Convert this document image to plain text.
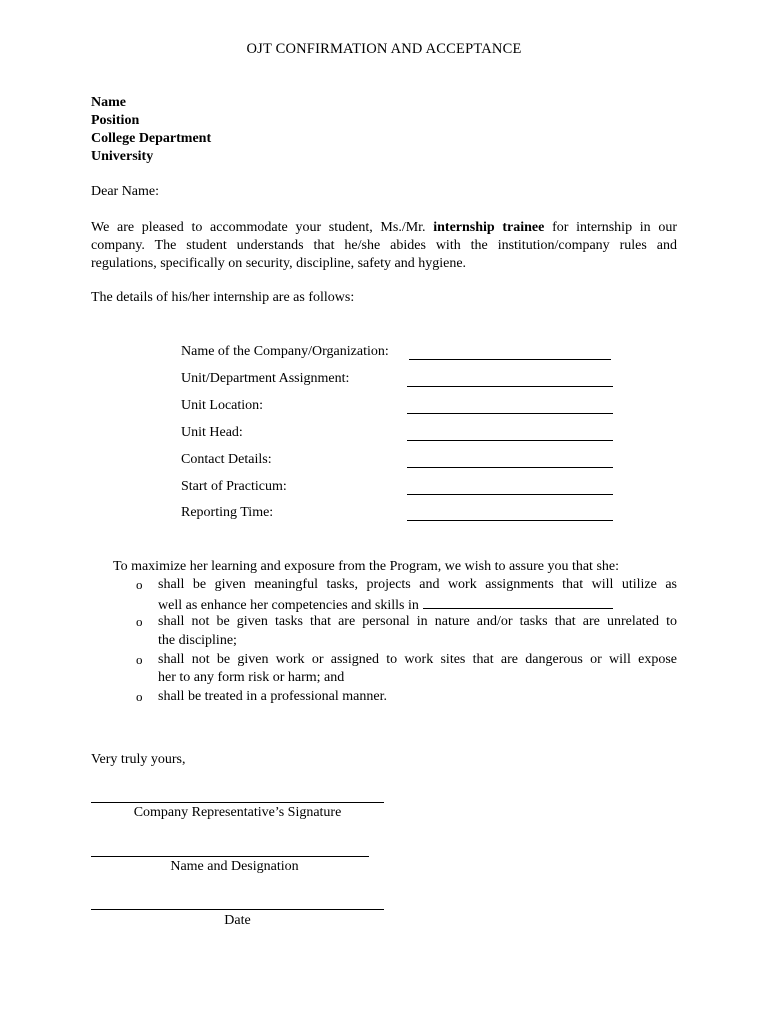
OJT CONFIRMATION AND ACCEPTANCE
Name
Position
College Department
University
Dear Name:
We are pleased to accommodate your student, Ms./Mr. internship trainee for internship in our
company. The student understands that he/she abides with the institution/company rules and
regulations, specifically on security, discipline, safety and hygiene.
The details of his/her internship are as follows:
Name of the Company/Organization:
Unit/Department Assignment:
Unit Location:
Unit Head:
Contact Details:
Start of Practicum:
Reporting Time:
To maximize her learning and exposure from the Program, we wish to assure you that she:
o shall be given meaningful tasks, projects and work assignments that will utilize as
well as enhance her competencies and skills in
o shall not be given tasks that are personal in nature and/or tasks that are unrelated to
the discipline;
o shall not be given work or assigned to work sites that are dangerous or will expose
her to any form risk or harm; and
o shall be treated in a professional manner.
Very truly yours,
Company Representative’s Signature
Name and Designation
Date
